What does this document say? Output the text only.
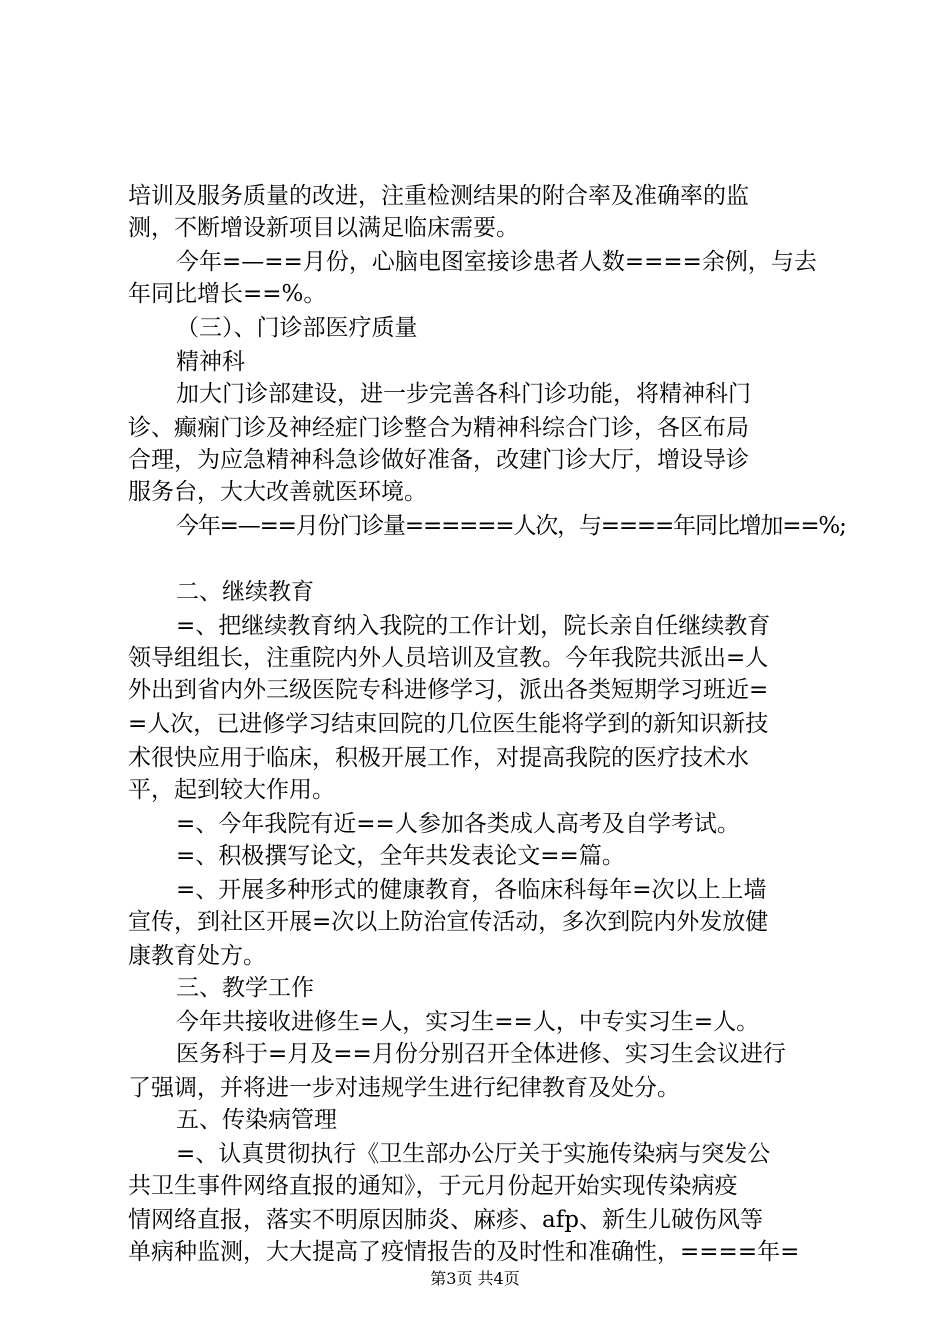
培训及服务质量的改进，注重检测结果的附合率及准确率的监
测，不断增设新项目以满足临床需要。
今年=—==月份，心脑电图室接诊患者人数====余例，与去
年同比增长==%。
（三）、门诊部医疗质量
精神科
加大门诊部建设，进一步完善各科门诊功能，将精神科门
诊、癫痫门诊及神经症门诊整合为精神科综合门诊，各区布局
合理，为应急精神科急诊做好准备，改建门诊大厅，增设导诊
服务台，大大改善就医环境。
今年=—==月份门诊量======人次，与====年同比增加==%;
二、继续教育
=、把继续教育纳入我院的工作计划，院长亲自任继续教育
领导组组长，注重院内外人员培训及宣教。今年我院共派出=人
外出到省内外三级医院专科进修学习，派出各类短期学习班近=
=人次，已进修学习结束回院的几位医生能将学到的新知识新技
术很快应用于临床，积极开展工作，对提高我院的医疗技术水
平，起到较大作用。
=、今年我院有近==人参加各类成人高考及自学考试。
=、积极撰写论文，全年共发表论文==篇。
=、开展多种形式的健康教育，各临床科每年=次以上上墙
宣传，到社区开展=次以上防治宣传活动，多次到院内外发放健
康教育处方。
三、教学工作
今年共接收进修生=人，实习生==人，中专实习生=人。
医务科于=月及==月份分别召开全体进修、实习生会议进行
了强调，并将进一步对违规学生进行纪律教育及处分。
五、传染病管理
=、认真贯彻执行《卫生部办公厅关于实施传染病与突发公
共卫生事件网络直报的通知》，于元月份起开始实现传染病疫
情网络直报，落实不明原因肺炎、麻疹、afp、新生儿破伤风等
单病种监测，大大提高了疫情报告的及时性和准确性，====年=
第3页 共4页
